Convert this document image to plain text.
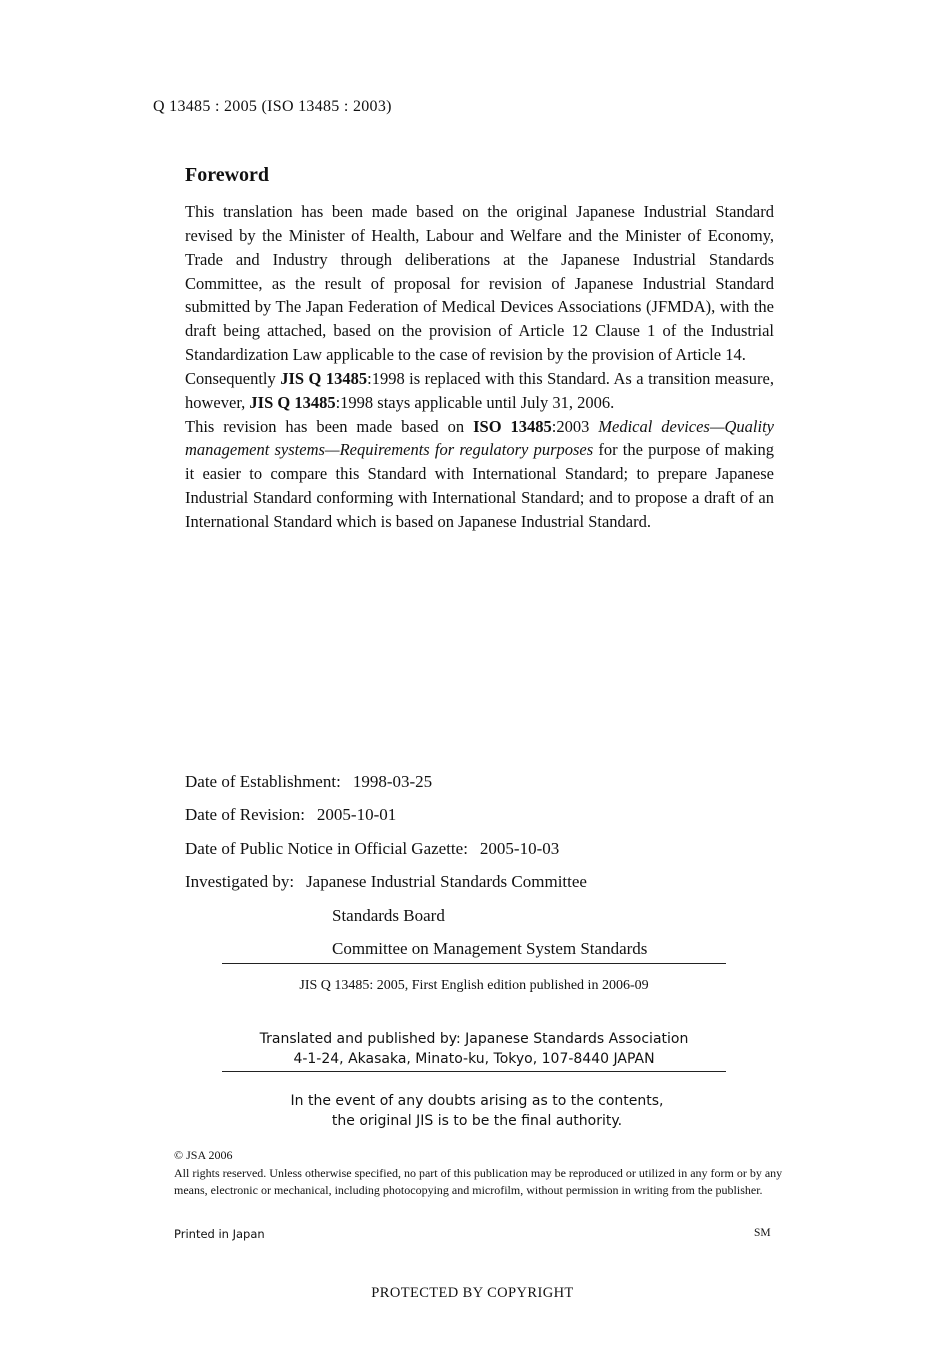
Q 13485 : 2005 (ISO 13485 : 2003)
Foreword

This translation has been made based on the original Japanese Industrial Standard revised by the Minister of Health, Labour and Welfare and the Minister of Economy, Trade and Industry through deliberations at the Japanese Industrial Standards Committee, as the result of proposal for revision of Japanese Industrial Standard submitted by The Japan Federation of Medical Devices Associations (JFMDA), with the draft being attached, based on the provision of Article 12 Clause 1 of the Industrial Standardization Law applicable to the case of revision by the provision of Article 14.

Consequently JIS Q 13485:1998 is replaced with this Standard. As a transition measure, however, JIS Q 13485:1998 stays applicable until July 31, 2006.

This revision has been made based on ISO 13485:2003 Medical devices—Quality management systems—Requirements for regulatory purposes for the purpose of making it easier to compare this Standard with International Standard; to prepare Japanese Industrial Standard conforming with International Standard; and to propose a draft of an International Standard which is based on Japanese Industrial Standard.

Date of Establishment: 1998-03-25
Date of Revision: 2005-10-01
Date of Public Notice in Official Gazette: 2005-10-03
Investigated by: Japanese Industrial Standards Committee
Standards Board
Committee on Management System Standards
JIS Q 13485: 2005, First English edition published in 2006-09
Translated and published by: Japanese Standards Association
4-1-24, Akasaka, Minato-ku, Tokyo, 107-8440 JAPAN
In the event of any doubts arising as to the contents,
the original JIS is to be the final authority.
© JSA 2006
All rights reserved. Unless otherwise specified, no part of this publication may be reproduced or utilized in any form or by any means, electronic or mechanical, including photocopying and microfilm, without permission in writing from the publisher.
Printed in Japan	SM
PROTECTED BY COPYRIGHT
